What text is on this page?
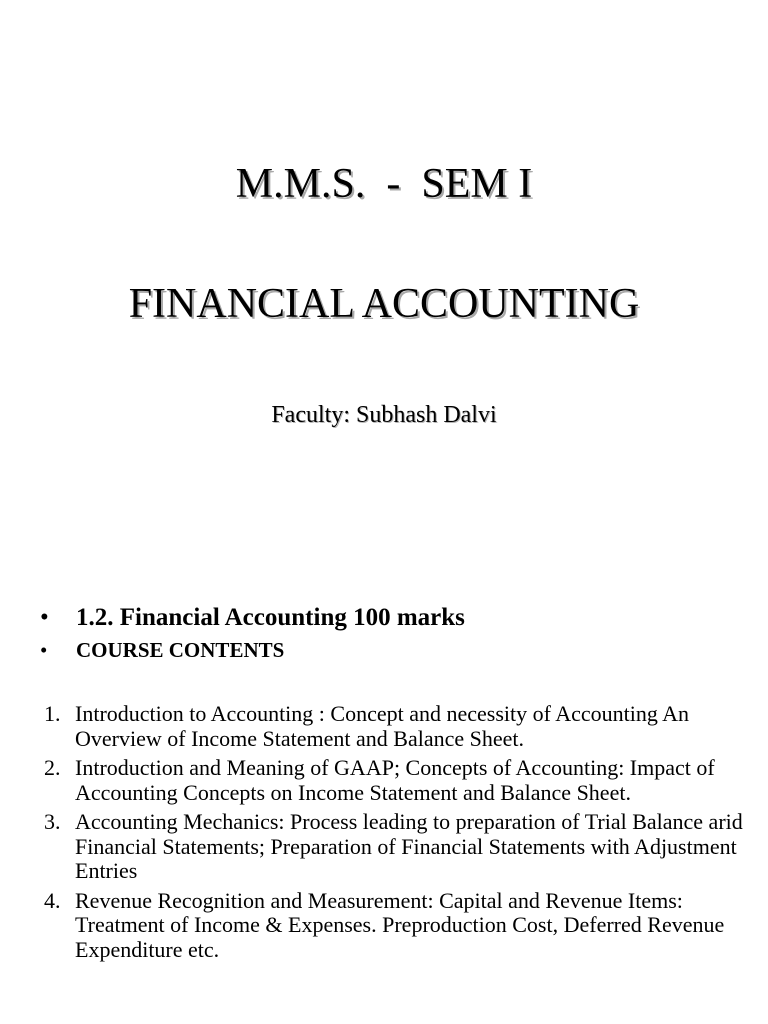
M.M.S.  -  SEM I
FINANCIAL ACCOUNTING
Faculty: Subhash Dalvi
• 1.2. Financial Accounting 100 marks
• COURSE CONTENTS
1. Introduction to Accounting : Concept and necessity of Accounting An Overview of Income Statement and Balance Sheet.
2. Introduction and Meaning of GAAP; Concepts of Accounting: Impact of Accounting Concepts on Income Statement and Balance Sheet.
3. Accounting Mechanics: Process leading to preparation of Trial Balance arid Financial Statements; Preparation of Financial Statements with Adjustment Entries
4. Revenue Recognition and Measurement: Capital and Revenue Items: Treatment of Income & Expenses. Preproduction Cost, Deferred Revenue Expenditure etc.
